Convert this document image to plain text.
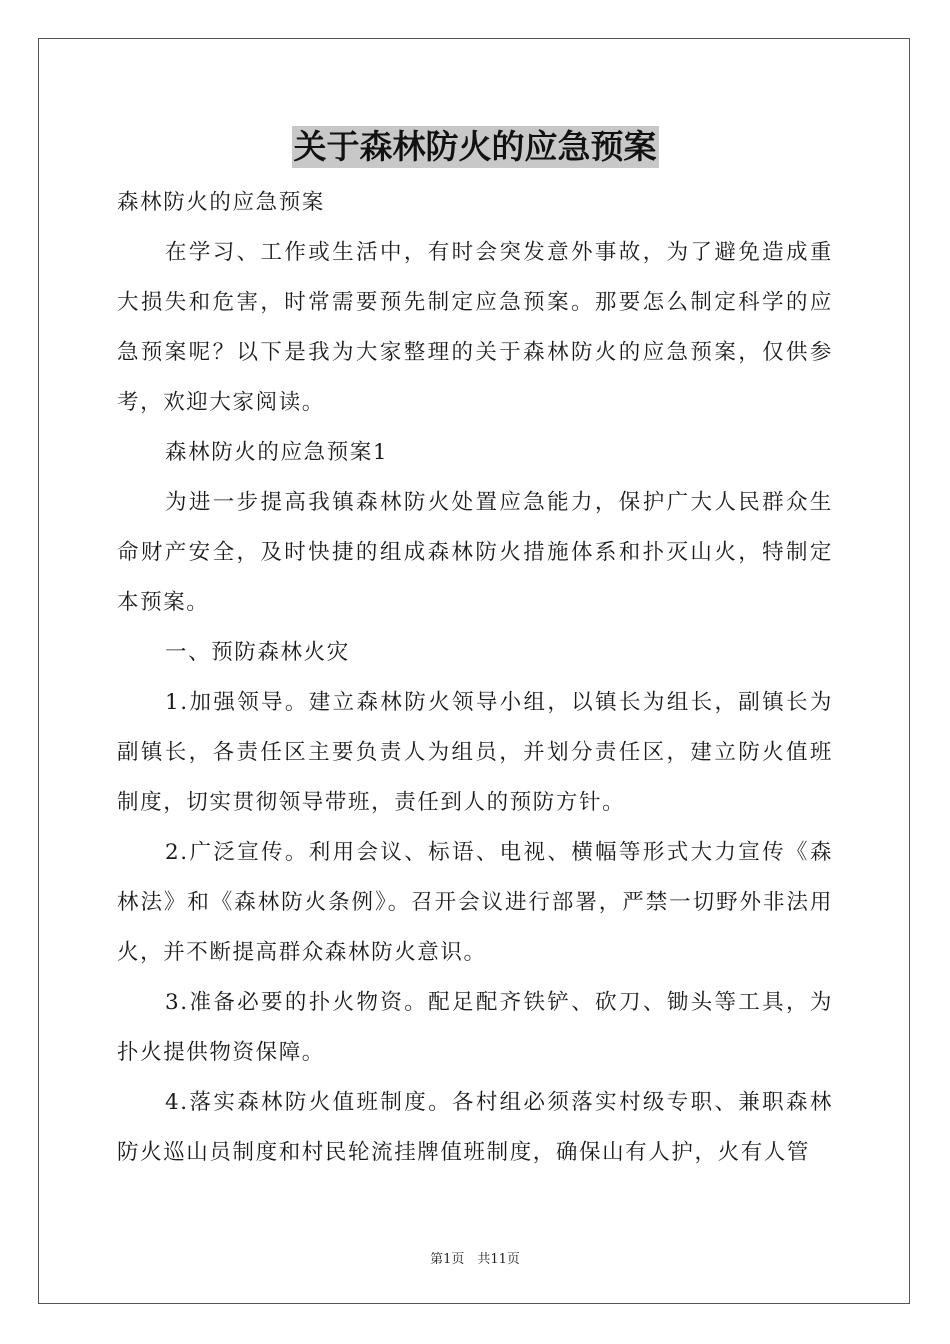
关于森林防火的应急预案

森林防火的应急预案

在学习、工作或生活中，有时会突发意外事故，为了避免造成重大损失和危害，时常需要预先制定应急预案。那要怎么制定科学的应急预案呢？以下是我为大家整理的关于森林防火的应急预案，仅供参考，欢迎大家阅读。

森林防火的应急预案1

为进一步提高我镇森林防火处置应急能力，保护广大人民群众生命财产安全，及时快捷的组成森林防火措施体系和扑灭山火，特制定本预案。

一、预防森林火灾

1.加强领导。建立森林防火领导小组，以镇长为组长，副镇长为副镇长，各责任区主要负责人为组员，并划分责任区，建立防火值班制度，切实贯彻领导带班，责任到人的预防方针。

2.广泛宣传。利用会议、标语、电视、横幅等形式大力宣传《森林法》和《森林防火条例》。召开会议进行部署，严禁一切野外非法用火，并不断提高群众森林防火意识。

3.准备必要的扑火物资。配足配齐铁铲、砍刀、锄头等工具，为扑火提供物资保障。

4.落实森林防火值班制度。各村组必须落实村级专职、兼职森林防火巡山员制度和村民轮流挂牌值班制度，确保山有人护，火有人管

第1页　共11页
